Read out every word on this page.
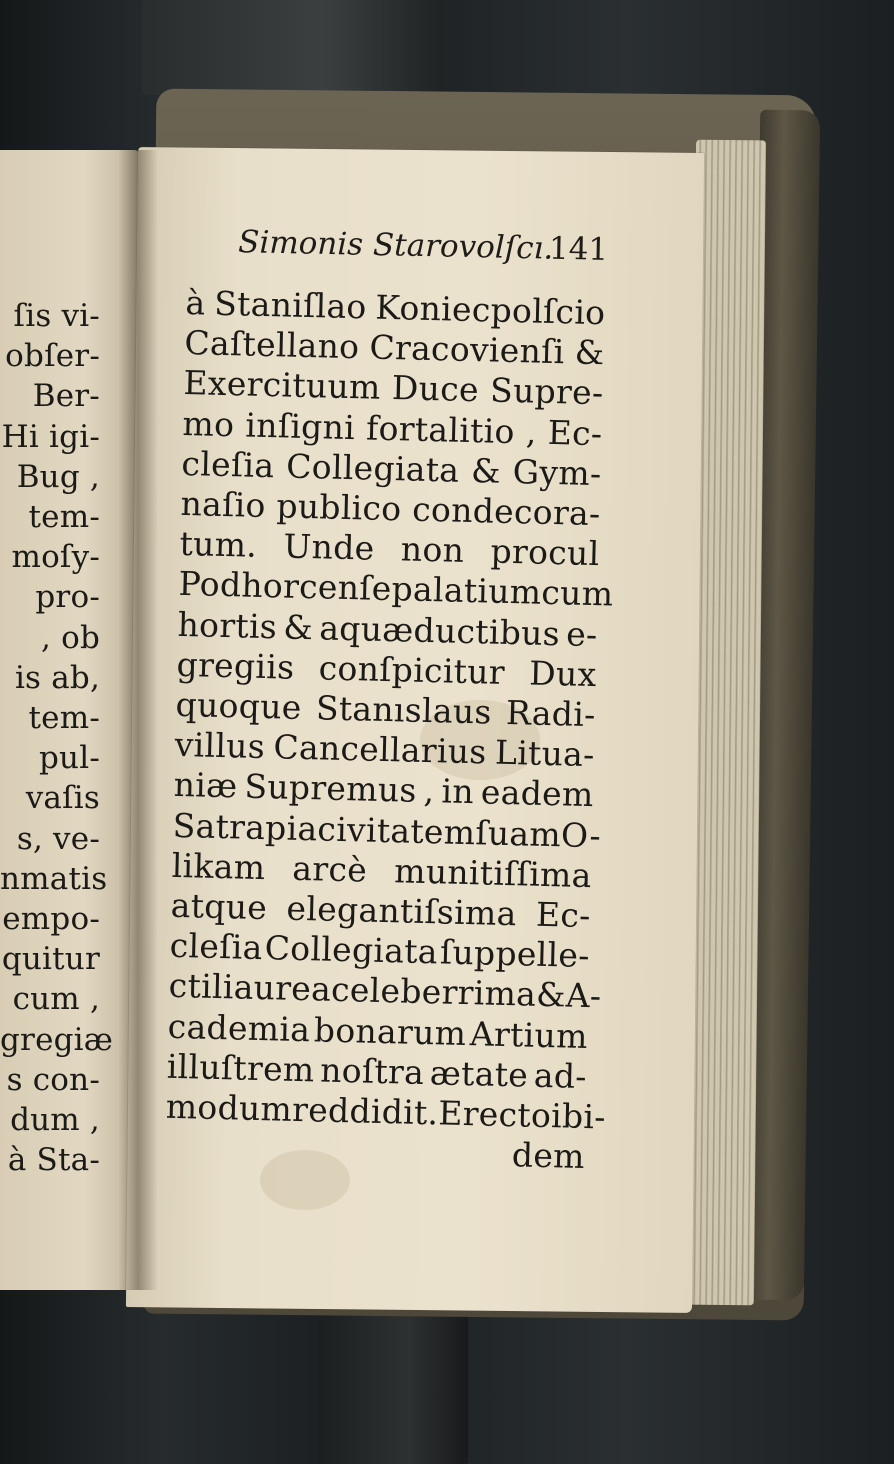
ſis vi-
obſer-
Ber-
Hi igi-
Bug ,
tem-
moſy-
pro-
, ob
is ab,
tem-
pul-
vaſis
s, ve-
nmatis
empo-
quitur
cum ,
gregiæ
s con-
dum ,
à Sta-
Simonis Starovolſcı.
141
à Staniſlao Koniecpolſcio
Caſtellano Cracovienſi &
Exercituum Duce Supre-
mo inſigni fortalitio , Ec-
cleſia Collegiata & Gym-
naſio publico condecora-
tum. Unde non procul
Podhorcenſe palatium cum
hortis & aquæductibus e-
gregiis conſpicitur Dux
quoque Stanıslaus Radi-
villus Cancellarius Litua-
niæ Supremus , in eadem
Satrapia civitatem ſuam O-
likam arcè munitiſſima
atque elegantiſsima Ec-
cleſia Collegiata ſuppelle-
ctili aurea celeberrima & A-
cademia bonarum Artium
illuſtrem noſtra ætate ad-
modum reddidit.Erecto ibi-
dem
